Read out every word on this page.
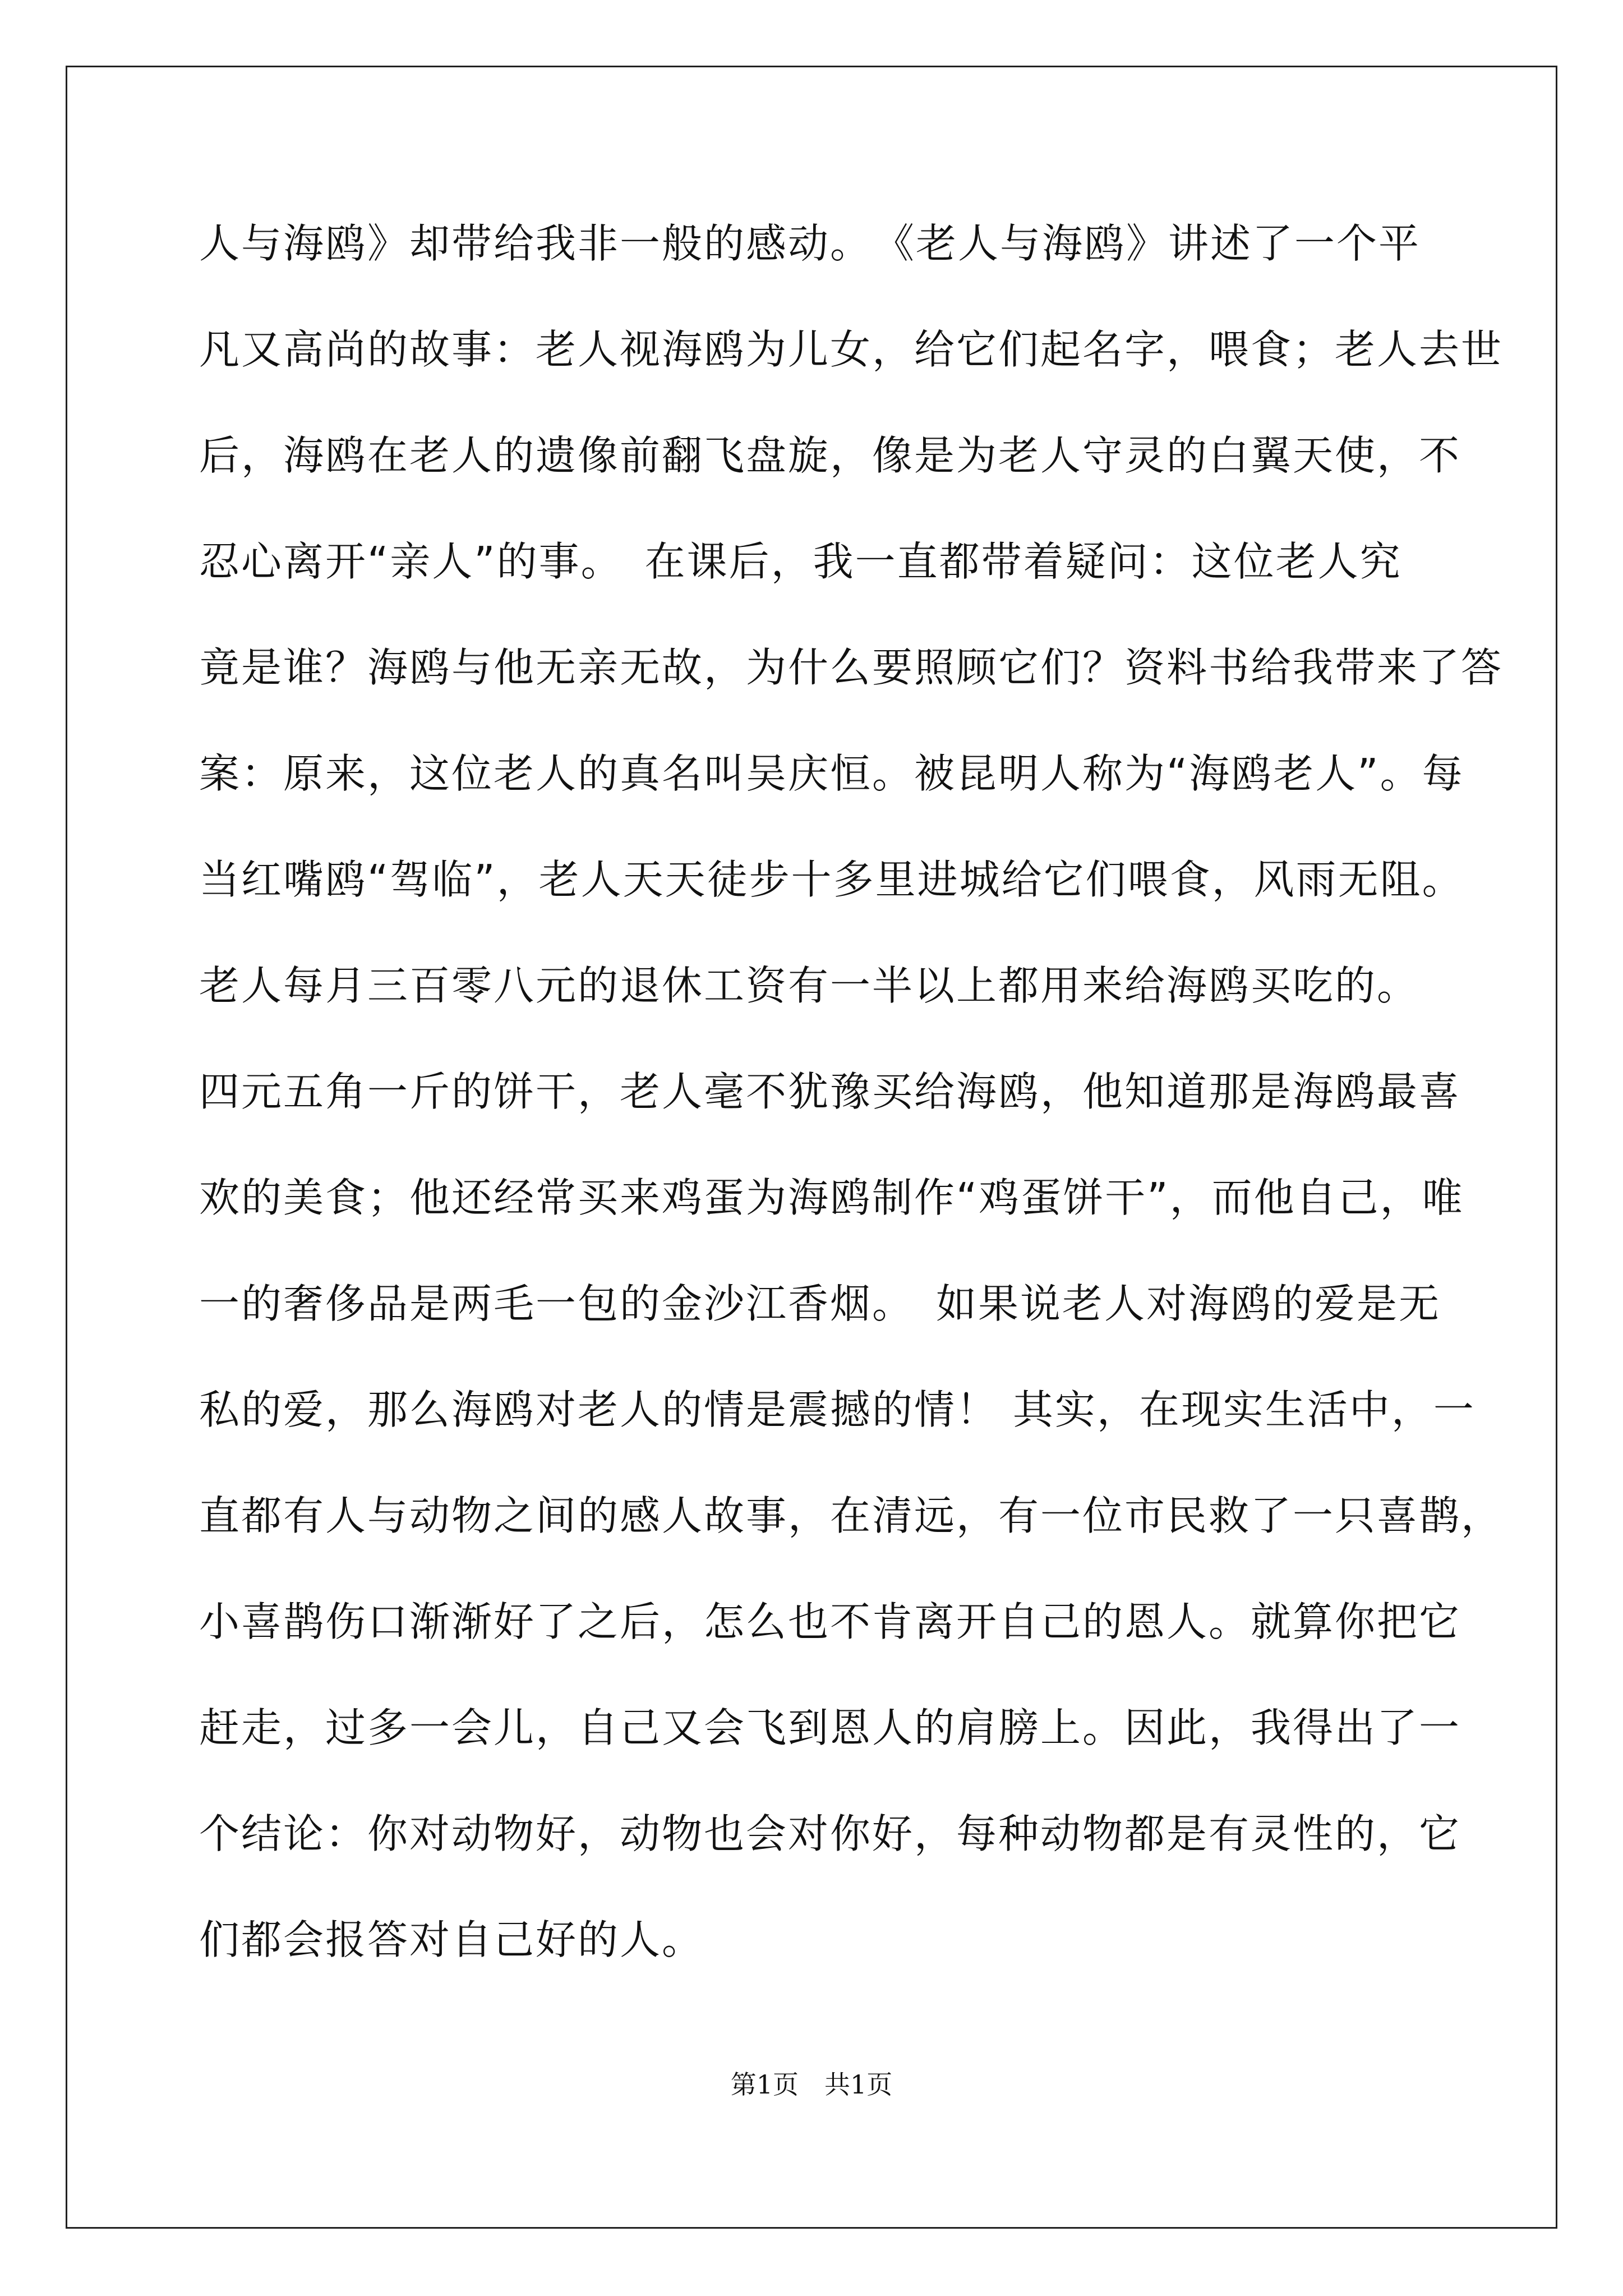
人与海鸥》却带给我非一般的感动。　《老人与海鸥》讲述了一个平
凡又高尚的故事：老人视海鸥为儿女，给它们起名字，喂食；老人去世
后，海鸥在老人的遗像前翻飞盘旋，像是为老人守灵的白翼天使，不
忍心离开“亲人”的事。　在课后，我一直都带着疑问：这位老人究
竟是谁？海鸥与他无亲无故，为什么要照顾它们？资料书给我带来了答
案：原来，这位老人的真名叫吴庆恒。被昆明人称为“海鸥老人”。每
当红嘴鸥“驾临”，老人天天徒步十多里进城给它们喂食，风雨无阻。
老人每月三百零八元的退休工资有一半以上都用来给海鸥买吃的。
四元五角一斤的饼干，老人毫不犹豫买给海鸥，他知道那是海鸥最喜
欢的美食；他还经常买来鸡蛋为海鸥制作“鸡蛋饼干”，而他自己，唯
一的奢侈品是两毛一包的金沙江香烟。　如果说老人对海鸥的爱是无
私的爱，那么海鸥对老人的情是震撼的情！ 其实，在现实生活中，一
直都有人与动物之间的感人故事，在清远，有一位市民救了一只喜鹊，
小喜鹊伤口渐渐好了之后，怎么也不肯离开自己的恩人。就算你把它
赶走，过多一会儿，自己又会飞到恩人的肩膀上。因此，我得出了一
个结论：你对动物好，动物也会对你好，每种动物都是有灵性的，它
们都会报答对自己好的人。
第1页　共1页
